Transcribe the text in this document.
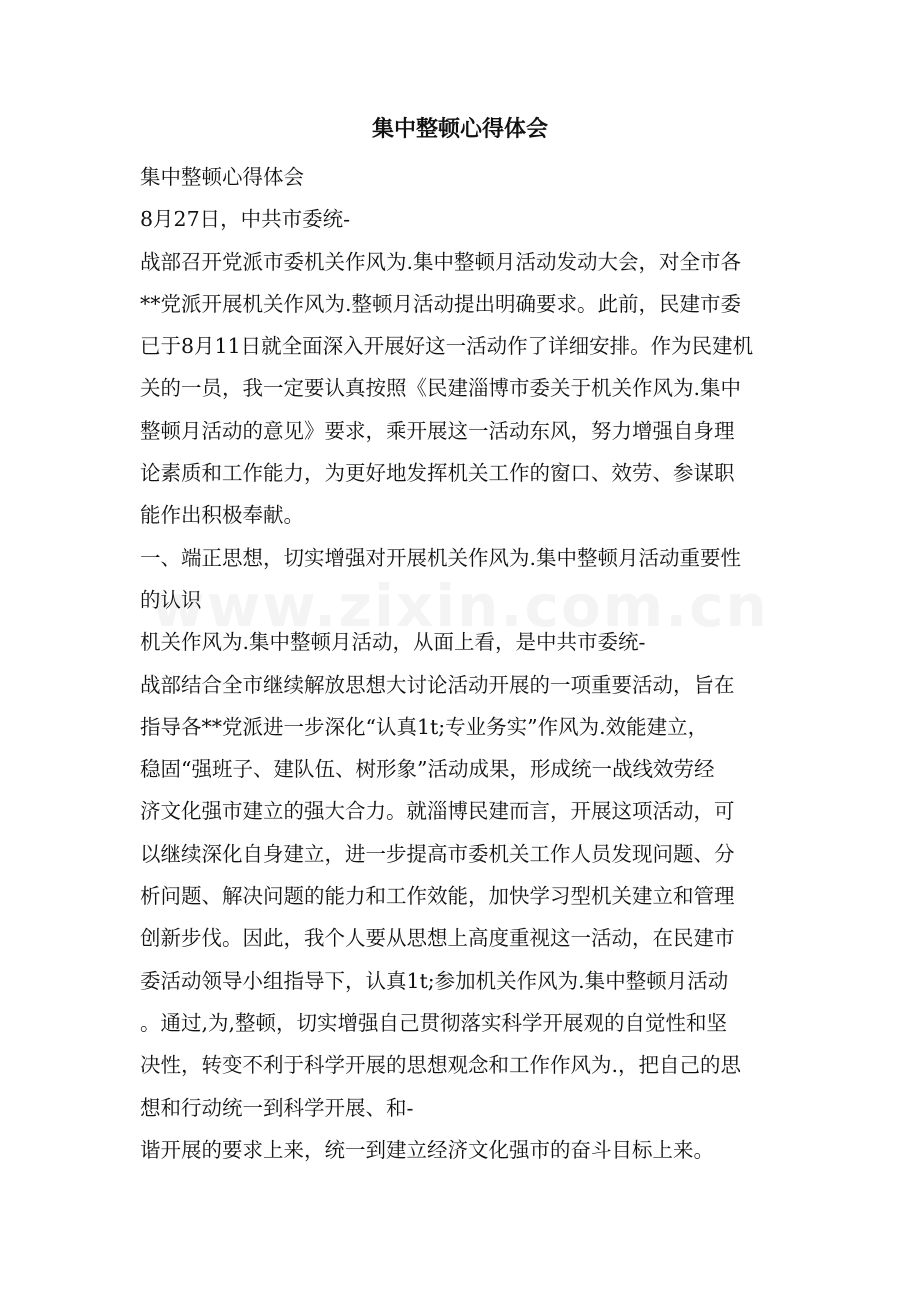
集中整顿心得体会
集中整顿心得体会
8月27日，中共市委统-
战部召开党派市委机关作风为.集中整顿月活动发动大会，对全市各
**党派开展机关作风为.整顿月活动提出明确要求。此前，民建市委
已于8月11日就全面深入开展好这一活动作了详细安排。作为民建机
关的一员，我一定要认真按照《民建淄博市委关于机关作风为.集中
整顿月活动的意见》要求，乘开展这一活动东风，努力增强自身理
论素质和工作能力，为更好地发挥机关工作的窗口、效劳、参谋职
能作出积极奉献。
一、端正思想，切实增强对开展机关作风为.集中整顿月活动重要性
的认识
机关作风为.集中整顿月活动，从面上看，是中共市委统-
战部结合全市继续解放思想大讨论活动开展的一项重要活动，旨在
指导各**党派进一步深化“认真1t;专业务实”作风为.效能建立，
稳固“强班子、建队伍、树形象”活动成果，形成统一战线效劳经
济文化强市建立的强大合力。就淄博民建而言，开展这项活动，可
以继续深化自身建立，进一步提高市委机关工作人员发现问题、分
析问题、解决问题的能力和工作效能，加快学习型机关建立和管理
创新步伐。因此，我个人要从思想上高度重视这一活动，在民建市
委活动领导小组指导下，认真1t;参加机关作风为.集中整顿月活动
。通过,为,整顿，切实增强自己贯彻落实科学开展观的自觉性和坚
决性，转变不利于科学开展的思想观念和工作作风为.，把自己的思
想和行动统一到科学开展、和-
谐开展的要求上来，统一到建立经济文化强市的奋斗目标上来。
